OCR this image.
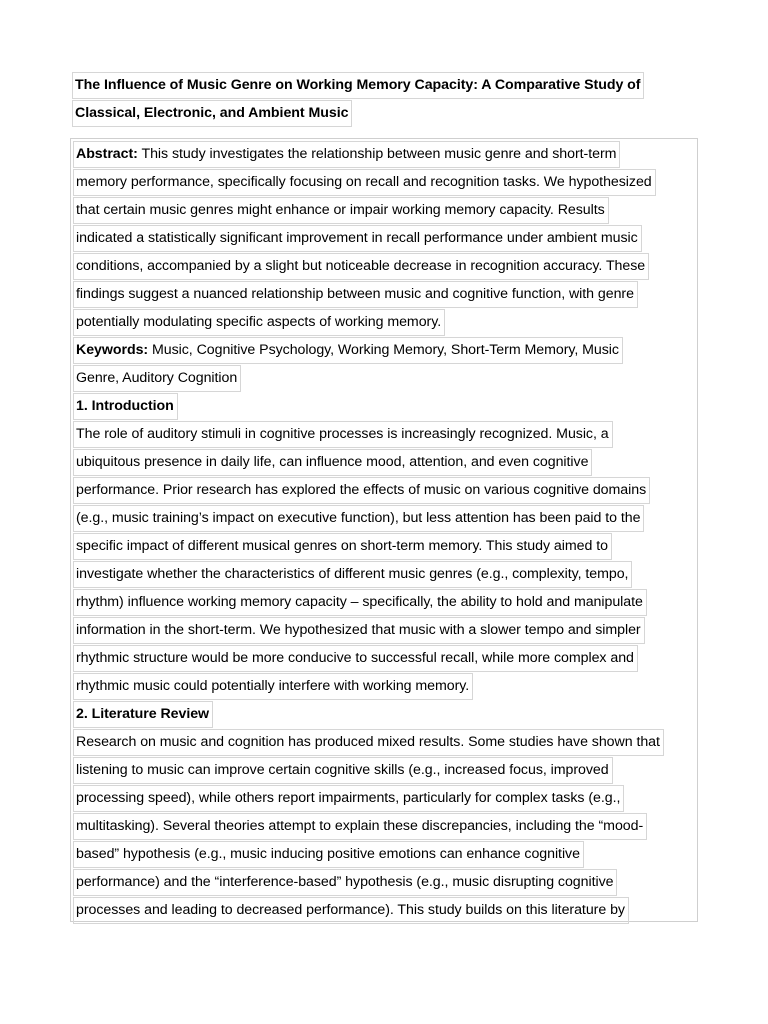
The Influence of Music Genre on Working Memory Capacity: A Comparative Study of
Classical, Electronic, and Ambient Music
Abstract: This study investigates the relationship between music genre and short-term
memory performance, specifically focusing on recall and recognition tasks. We hypothesized
that certain music genres might enhance or impair working memory capacity. Results
indicated a statistically significant improvement in recall performance under ambient music
conditions, accompanied by a slight but noticeable decrease in recognition accuracy. These
findings suggest a nuanced relationship between music and cognitive function, with genre
potentially modulating specific aspects of working memory.
Keywords: Music, Cognitive Psychology, Working Memory, Short-Term Memory, Music
Genre, Auditory Cognition
1. Introduction
The role of auditory stimuli in cognitive processes is increasingly recognized. Music, a
ubiquitous presence in daily life, can influence mood, attention, and even cognitive
performance. Prior research has explored the effects of music on various cognitive domains
(e.g., music training’s impact on executive function), but less attention has been paid to the
specific impact of different musical genres on short-term memory. This study aimed to
investigate whether the characteristics of different music genres (e.g., complexity, tempo,
rhythm) influence working memory capacity – specifically, the ability to hold and manipulate
information in the short-term. We hypothesized that music with a slower tempo and simpler
rhythmic structure would be more conducive to successful recall, while more complex and
rhythmic music could potentially interfere with working memory.
2. Literature Review
Research on music and cognition has produced mixed results. Some studies have shown that
listening to music can improve certain cognitive skills (e.g., increased focus, improved
processing speed), while others report impairments, particularly for complex tasks (e.g.,
multitasking). Several theories attempt to explain these discrepancies, including the “mood-
based” hypothesis (e.g., music inducing positive emotions can enhance cognitive
performance) and the “interference-based” hypothesis (e.g., music disrupting cognitive
processes and leading to decreased performance). This study builds on this literature by
